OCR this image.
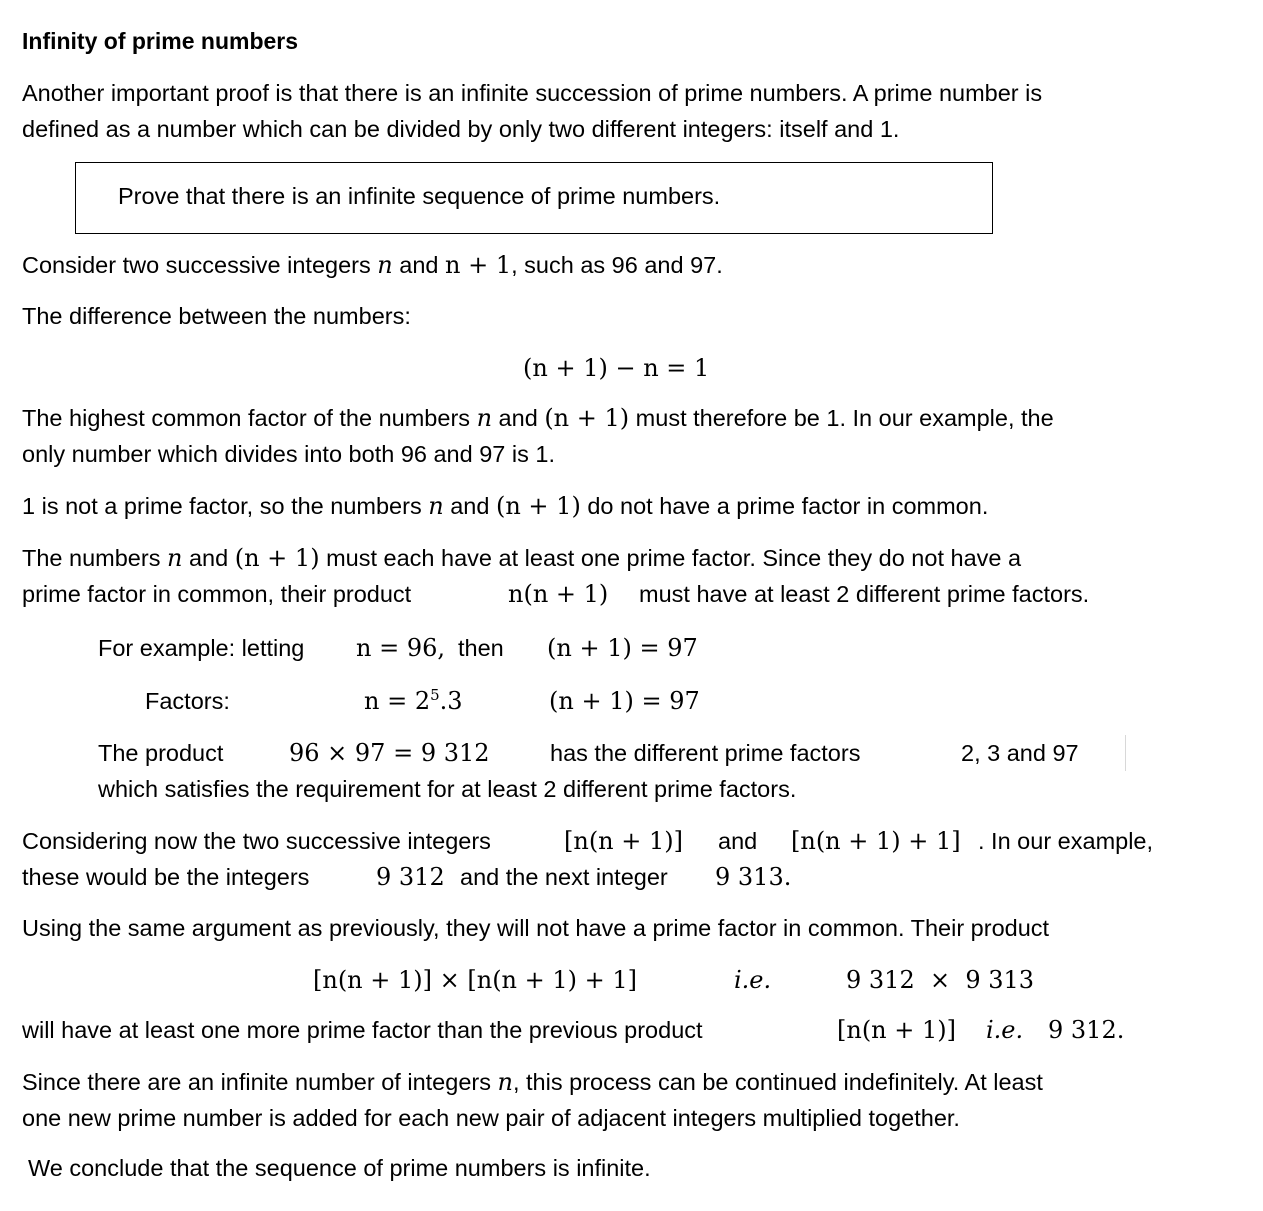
Infinity of prime numbers
Another important proof is that there is an infinite succession of prime numbers. A prime number is
defined as a number which can be divided by only two different integers: itself and 1.
Prove that there is an infinite sequence of prime numbers.
Consider two successive integers n and n + 1, such as 96 and 97.
The difference between the numbers:
(n + 1) − n = 1
The highest common factor of the numbers n and (n + 1) must therefore be 1. In our example, the
only number which divides into both 96 and 97 is 1.
1 is not a prime factor, so the numbers n and (n + 1) do not have a prime factor in common.
The numbers n and (n + 1) must each have at least one prime factor. Since they do not have a
prime factor in common, their product	n(n + 1) must have at least 2 different prime factors.
For example: letting n = 96, then (n + 1) = 97
Factors:	$n = 2^5.3$	(n + 1) = 97
The product	96 × 97 = 9 312	has the different prime factors	2, 3 and 97
which satisfies the requirement for at least 2 different prime factors.
Considering now the two successive integers	[n(n + 1)] and [n(n + 1) + 1] . In our example,
these would be the integers	9 312 and the next integer 9 313.
Using the same argument as previously, they will not have a prime factor in common. Their product
[n(n + 1)] × [n(n + 1) + 1]	i.e.	9 312  ×  9 313
will have at least one more prime factor than the previous product	[n(n + 1)] i.e. 9 312.
Since there are an infinite number of integers n, this process can be continued indefinitely. At least
one new prime number is added for each new pair of adjacent integers multiplied together.
We conclude that the sequence of prime numbers is infinite.
